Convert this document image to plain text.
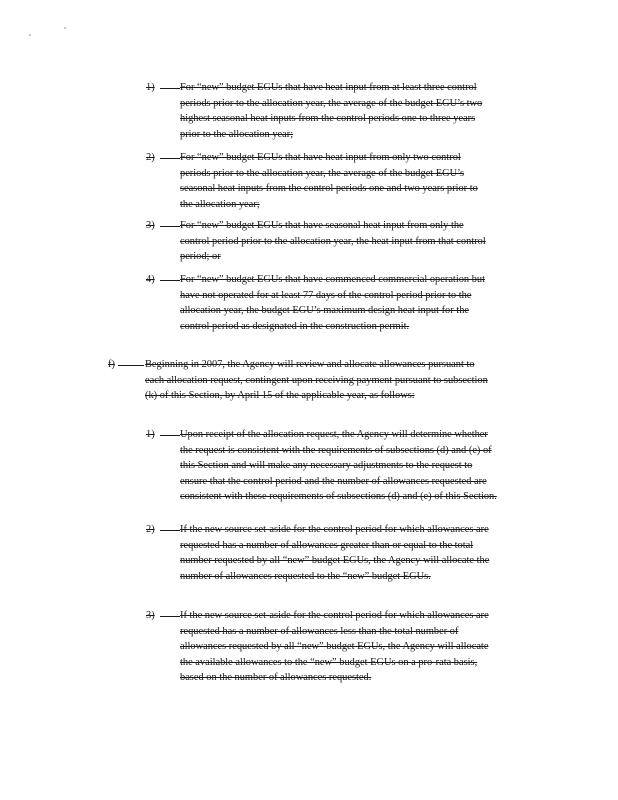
1) For “new” budget EGUs that have heat input from at least three control periods prior to the allocation year, the average of the budget EGU’s two highest seasonal heat inputs from the control periods one to three years prior to the allocation year;

2) For “new” budget EGUs that have heat input from only two control periods prior to the allocation year, the average of the budget EGU’s seasonal heat inputs from the control periods one and two years prior to the allocation year;

3) For “new” budget EGUs that have seasonal heat input from only the control period prior to the allocation year, the heat input from that control period; or

4) For “new” budget EGUs that have commenced commercial operation but have not operated for at least 77 days of the control period prior to the allocation year, the budget EGU’s maximum design heat input for the control period as designated in the construction permit.

f)	Beginning in 2007, the Agency will review and allocate allowances pursuant to each allocation request, contingent upon receiving payment pursuant to subsection (k) of this Section, by April 15 of the applicable year, as follows:

1) Upon receipt of the allocation request, the Agency will determine whether the request is consistent with the requirements of subsections (d) and (e) of this Section and will make any necessary adjustments to the request to ensure that the control period and the number of allowances requested are consistent with these requirements of subsections (d) and (e) of this Section.

2) If the new source set-aside for the control period for which allowances are requested has a number of allowances greater than or equal to the total number requested by all “new” budget EGUs, the Agency will allocate the number of allowances requested to the “new” budget EGUs.

3) If the new source set-aside for the control period for which allowances are requested has a number of allowances less than the total number of allowances requested by all “new” budget EGUs, the Agency will allocate the available allowances to the “new” budget EGUs on a pro-rata basis, based on the number of allowances requested.
